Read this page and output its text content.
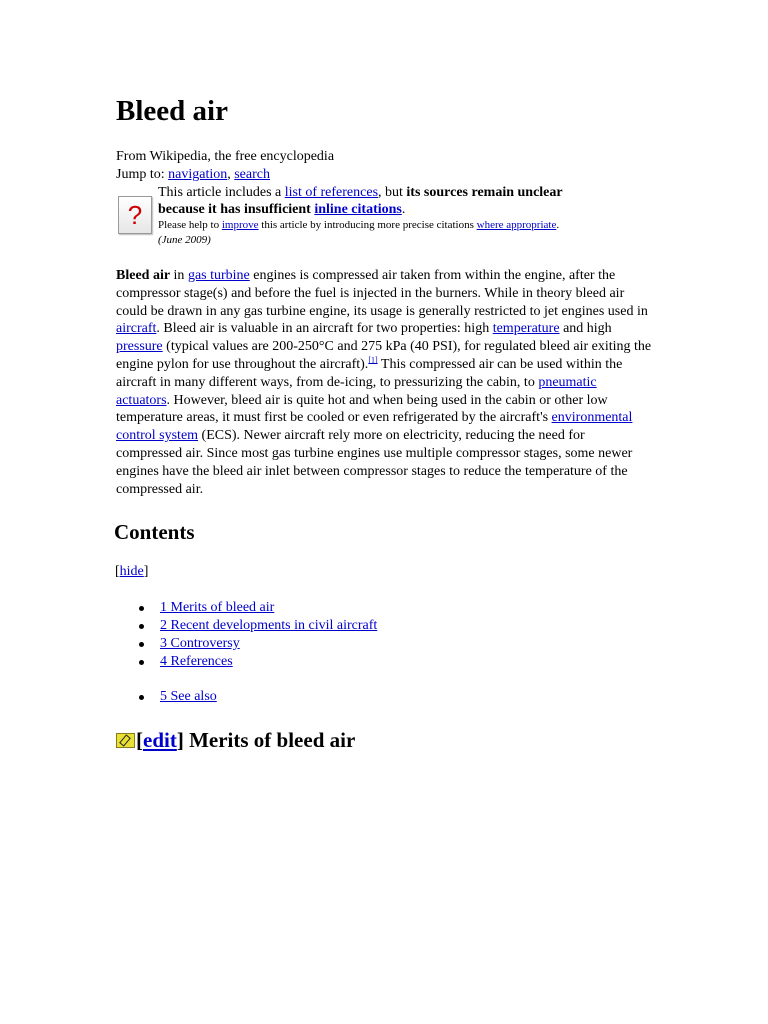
Bleed air
From Wikipedia, the free encyclopedia
Jump to: navigation, search
?
This article includes a list of references, but its sources remain unclear
because it has insufficient inline citations.
Please help to improve this article by introducing more precise citations where appropriate.
(June 2009)

Bleed air in gas turbine engines is compressed air taken from within the engine, after the compressor stage(s) and before the fuel is injected in the burners. While in theory bleed air could be drawn in any gas turbine engine, its usage is generally restricted to jet engines used in aircraft. Bleed air is valuable in an aircraft for two properties: high temperature and high pressure (typical values are 200-250°C and 275 kPa (40 PSI), for regulated bleed air exiting the engine pylon for use throughout the aircraft).[1] This compressed air can be used within the aircraft in many different ways, from de-icing, to pressurizing the cabin, to pneumatic actuators. However, bleed air is quite hot and when being used in the cabin or other low temperature areas, it must first be cooled or even refrigerated by the aircraft's environmental control system (ECS). Newer aircraft rely more on electricity, reducing the need for compressed air. Since most gas turbine engines use multiple compressor stages, some newer engines have the bleed air inlet between compressor stages to reduce the temperature of the compressed air.

Contents
[hide]
1 Merits of bleed air
2 Recent developments in civil aircraft
3 Controversy
4 References
5 See also
[edit] Merits of bleed air
